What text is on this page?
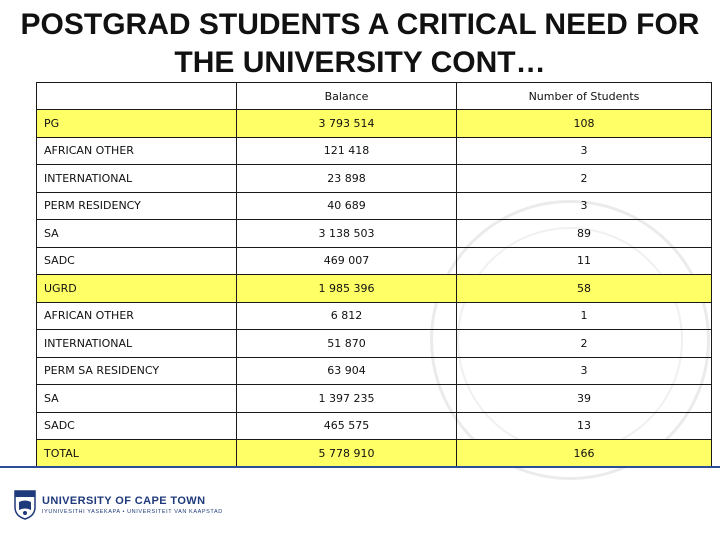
POSTGRAD STUDENTS A CRITICAL NEED FOR
THE UNIVERSITY CONT…
	Balance	Number of Students
PG	3 793 514	108
AFRICAN OTHER	121 418	3
INTERNATIONAL	23 898	2
PERM RESIDENCY	40 689	3
SA	3 138 503	89
SADC	469 007	11
UGRD	1 985 396	58
AFRICAN OTHER	6 812	1
INTERNATIONAL	51 870	2
PERM SA RESIDENCY	63 904	3
SA	1 397 235	39
SADC	465 575	13
TOTAL	5 778 910	166
UNIVERSITY OF CAPE TOWN
IYUNIVESITHI YASEKAPA • UNIVERSITEIT VAN KAAPSTAD
